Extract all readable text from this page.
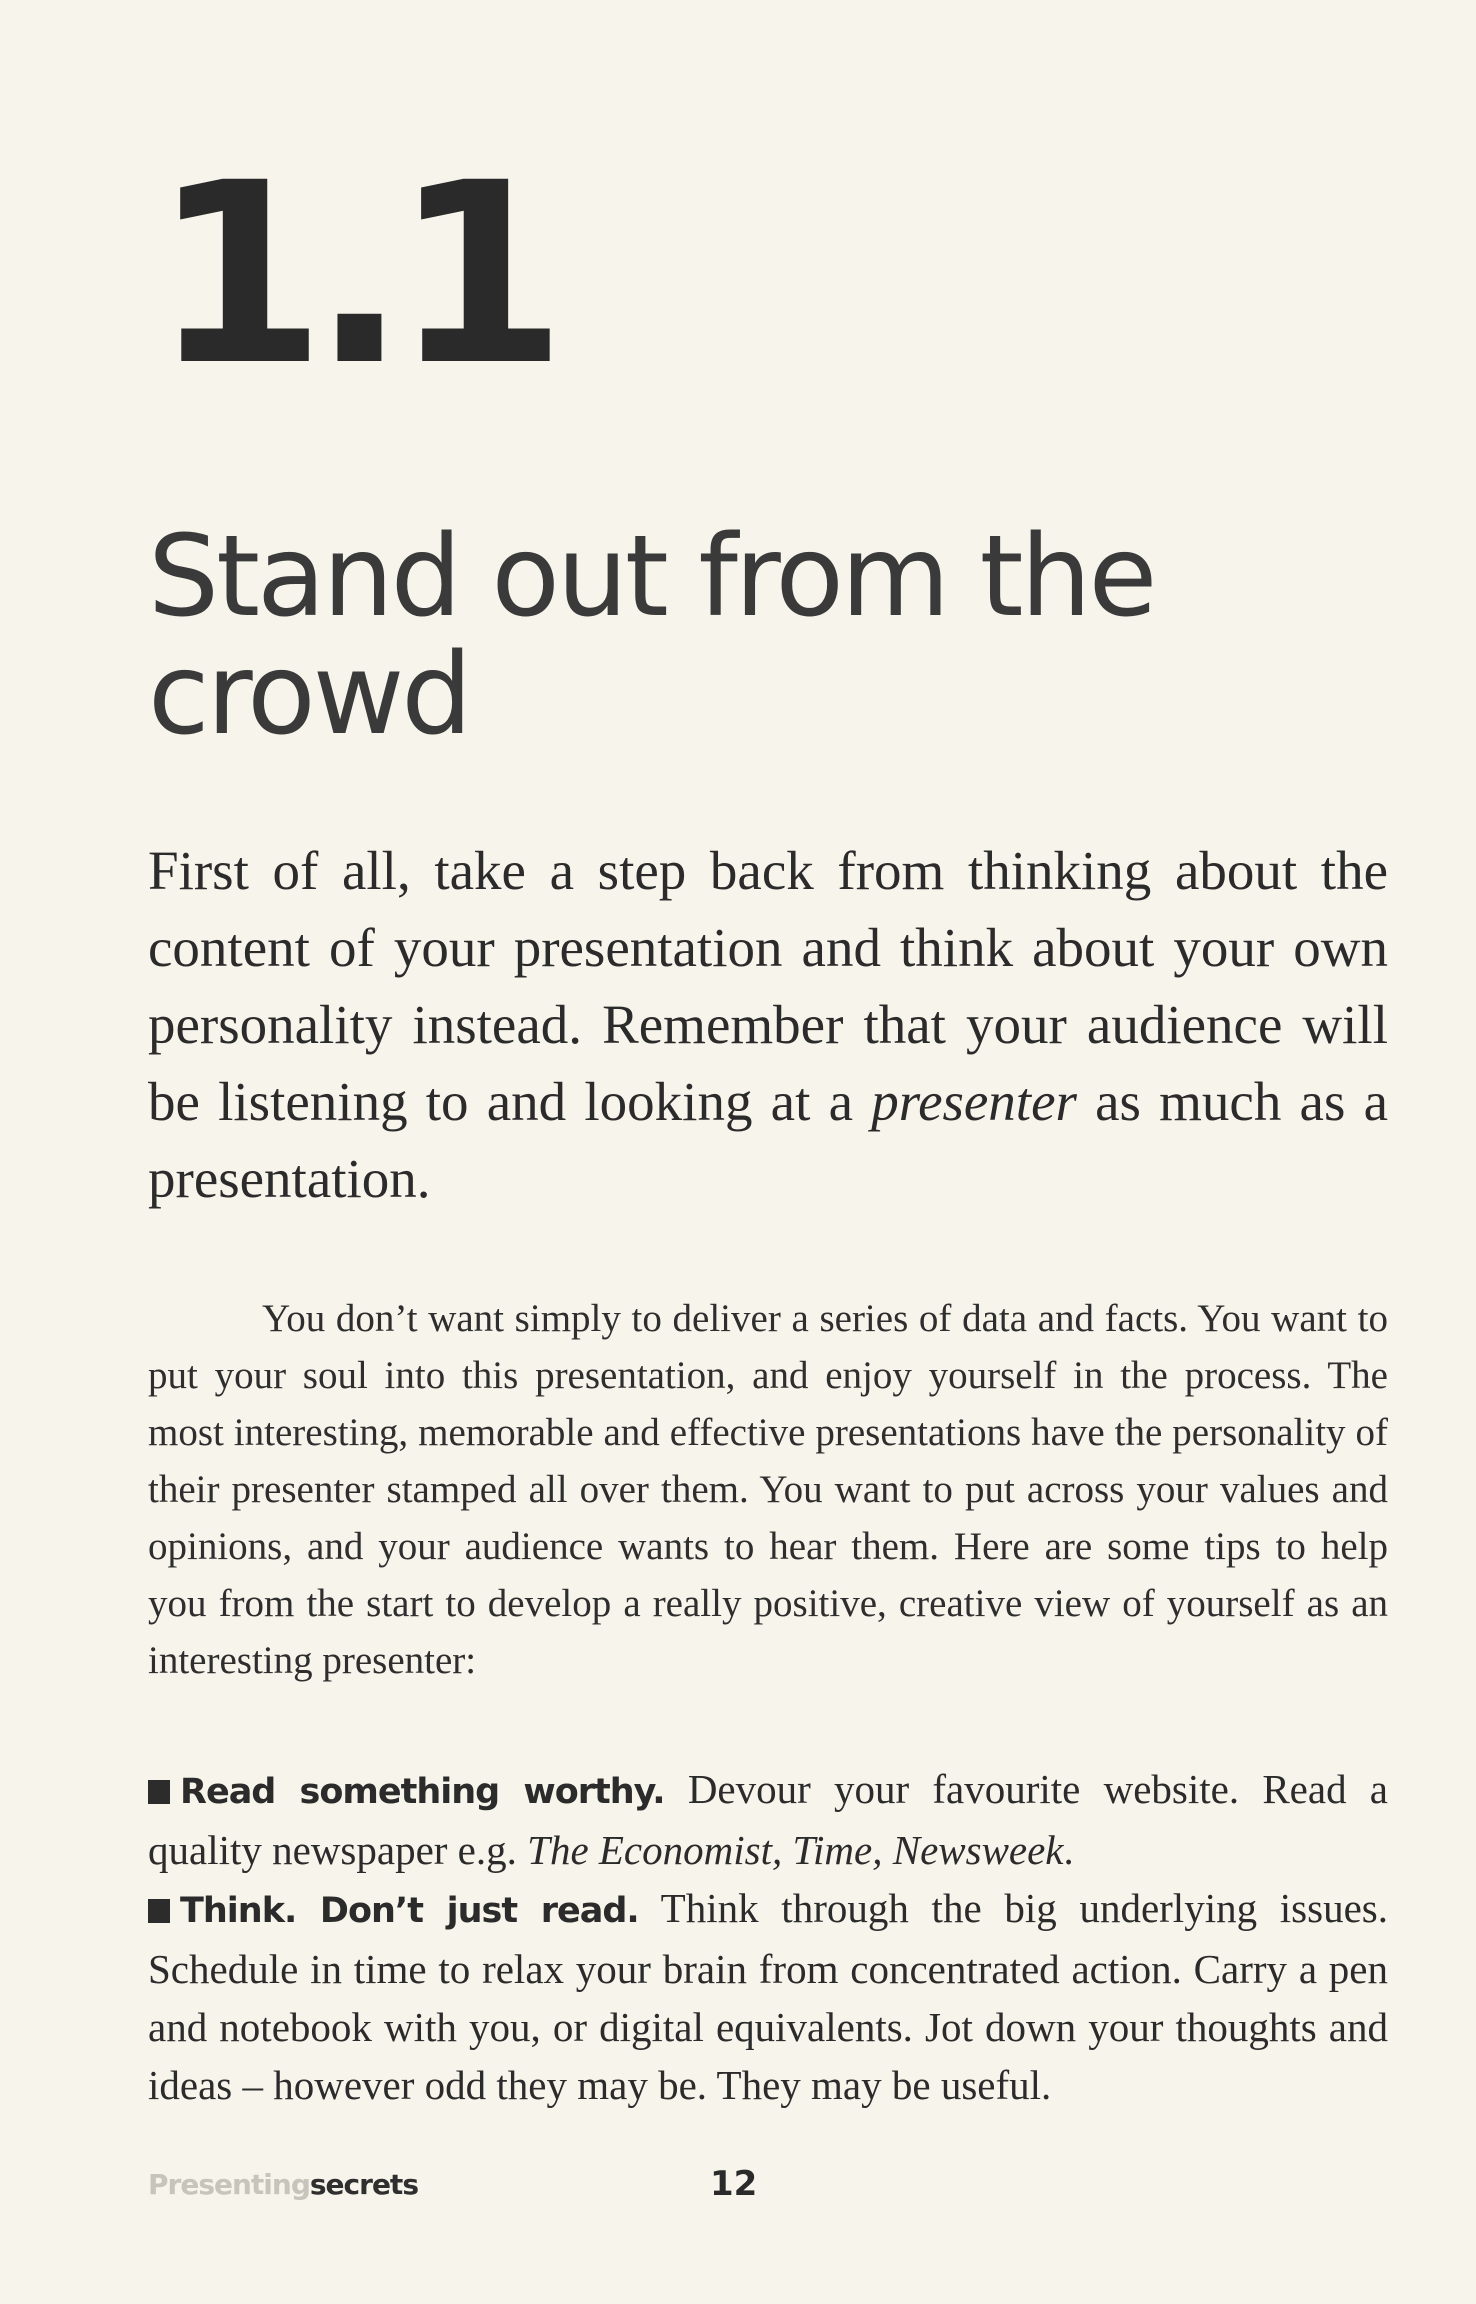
1.1
Stand out from the crowd

First of all, take a step back from thinking about the content of your presentation and think about your own personality instead. Remember that your audience will be listening to and looking at a presenter as much as a presentation.

You don’t want simply to deliver a series of data and facts. You want to put your soul into this presentation, and enjoy yourself in the process. The most interesting, memorable and effective presentations have the personality of their presenter stamped all over them. You want to put across your values and opinions, and your audience wants to hear them. Here are some tips to help you from the start to develop a really positive, creative view of yourself as an interesting presenter:

Read something worthy. Devour your favourite website. Read a quality newspaper e.g. The Economist, Time, Newsweek.
Think. Don’t just read. Think through the big underlying issues. Schedule in time to relax your brain from concentrated action. Carry a pen and notebook with you, or digital equivalents. Jot down your thoughts and ideas – however odd they may be. They may be useful.
Presentingsecrets	12
